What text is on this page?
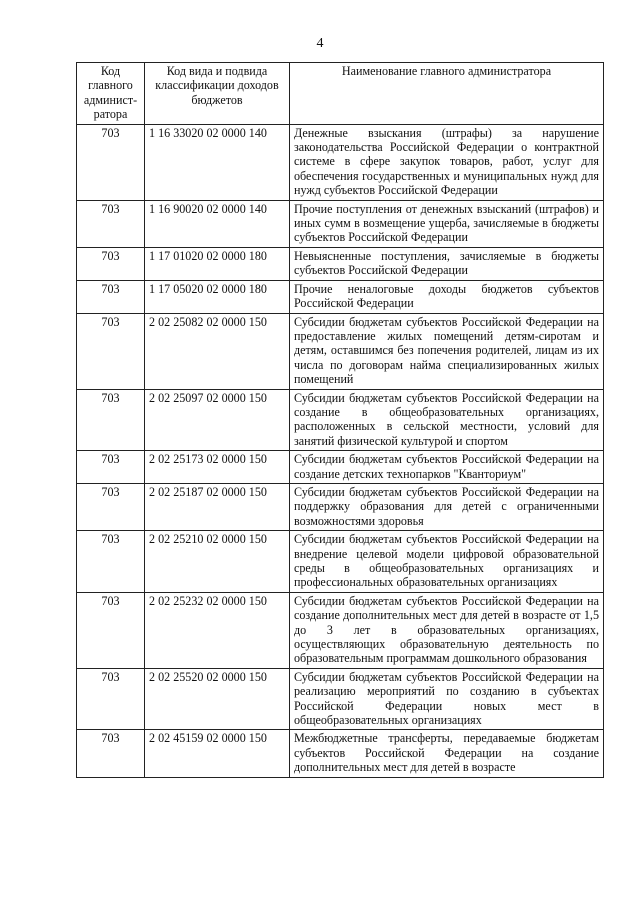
4
Код главного админист-ратора	Код вида и подвида классификации доходов бюджетов	Наименование главного администратора
703	1 16 33020 02 0000 140	Денежные взыскания (штрафы) за нарушение законодательства Российской Федерации о контрактной системе в сфере закупок товаров, работ, услуг для обеспечения государственных и муниципальных нужд для нужд субъектов Российской Федерации
703	1 16 90020 02 0000 140	Прочие поступления от денежных взысканий (штрафов) и иных сумм в возмещение ущерба, зачисляемые в бюджеты субъектов Российской Федерации
703	1 17 01020 02 0000 180	Невыясненные поступления, зачисляемые в бюджеты субъектов Российской Федерации
703	1 17 05020 02 0000 180	Прочие неналоговые доходы бюджетов субъектов Российской Федерации
703	2 02 25082 02 0000 150	Субсидии бюджетам субъектов Российской Федерации на предоставление жилых помещений детям-сиротам и детям, оставшимся без попечения родителей, лицам из их числа по договорам найма специализированных жилых помещений
703	2 02 25097 02 0000 150	Субсидии бюджетам субъектов Российской Федерации на создание в общеобразовательных организациях, расположенных в сельской местности, условий для занятий физической культурой и спортом
703	2 02 25173 02 0000 150	Субсидии бюджетам субъектов Российской Федерации на создание детских технопарков "Кванториум"
703	2 02 25187 02 0000 150	Субсидии бюджетам субъектов Российской Федерации на поддержку образования для детей с ограниченными возможностями здоровья
703	2 02 25210 02 0000 150	Субсидии бюджетам субъектов Российской Федерации на внедрение целевой модели цифровой образовательной среды в общеобразовательных организациях и профессиональных образовательных организациях
703	2 02 25232 02 0000 150	Субсидии бюджетам субъектов Российской Федерации на создание дополнительных мест для детей в возрасте от 1,5 до 3 лет в образовательных организациях, осуществляющих образовательную деятельность по образовательным программам дошкольного образования
703	2 02 25520 02 0000 150	Субсидии бюджетам субъектов Российской Федерации на реализацию мероприятий по созданию в субъектах Российской Федерации новых мест в общеобразовательных организациях
703	2 02 45159 02 0000 150	Межбюджетные трансферты, передаваемые бюджетам субъектов Российской Федерации на создание дополнительных мест для детей в возрасте
